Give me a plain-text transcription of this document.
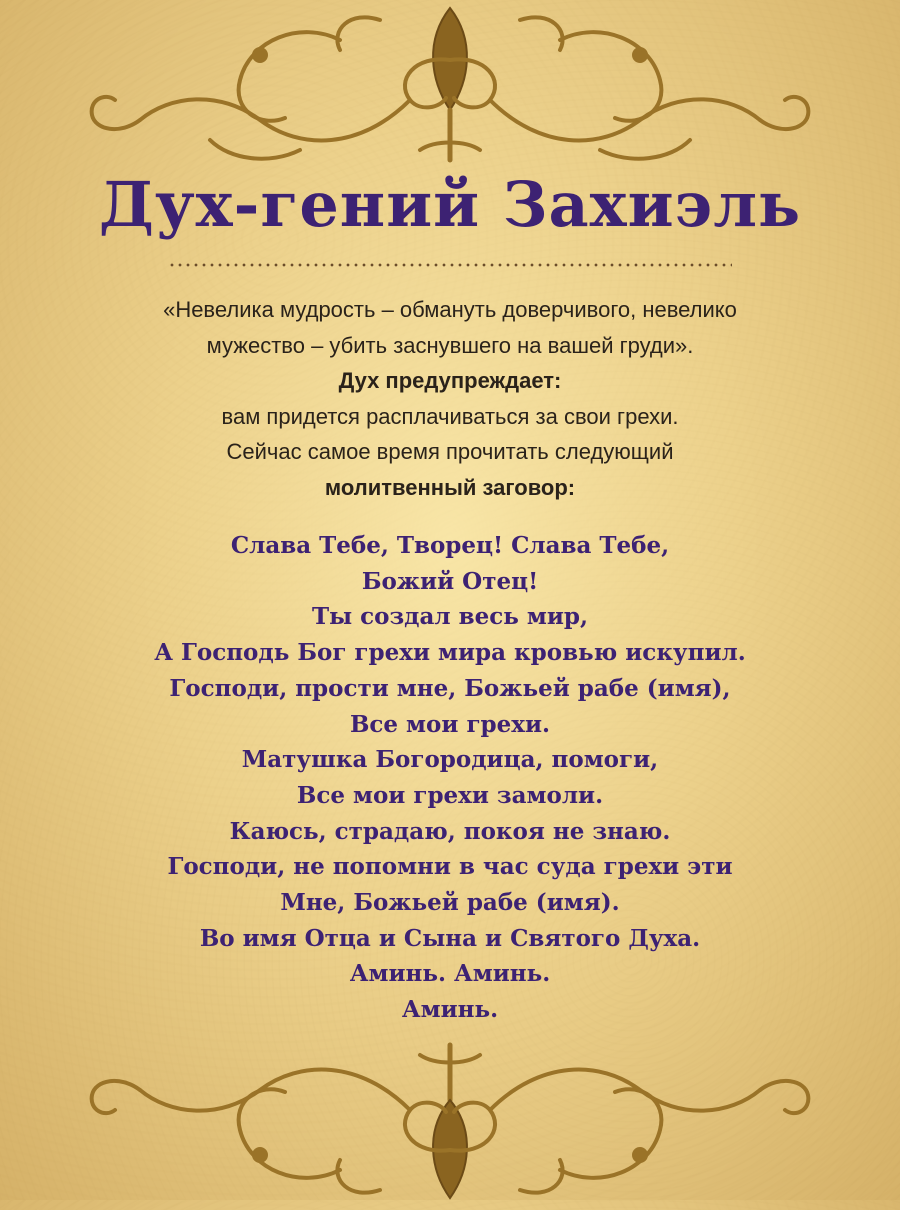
Дух-гений Захиэль
«Невелика мудрость – обмануть доверчивого, невелико
мужество – убить заснувшего на вашей груди».
Дух предупреждает:
вам придется расплачиваться за свои грехи.
Сейчас самое время прочитать следующий
молитвенный заговор:
Слава Тебе, Творец! Слава Тебе,
Божий Отец!
Ты создал весь мир,
А Господь Бог грехи мира кровью искупил.
Господи, прости мне, Божьей рабе (имя),
Все мои грехи.
Матушка Богородица, помоги,
Все мои грехи замоли.
Каюсь, страдаю, покоя не знаю.
Господи, не попомни в час суда грехи эти
Мне, Божьей рабе (имя).
Во имя Отца и Сына и Святого Духа.
Аминь. Аминь.
Аминь.
